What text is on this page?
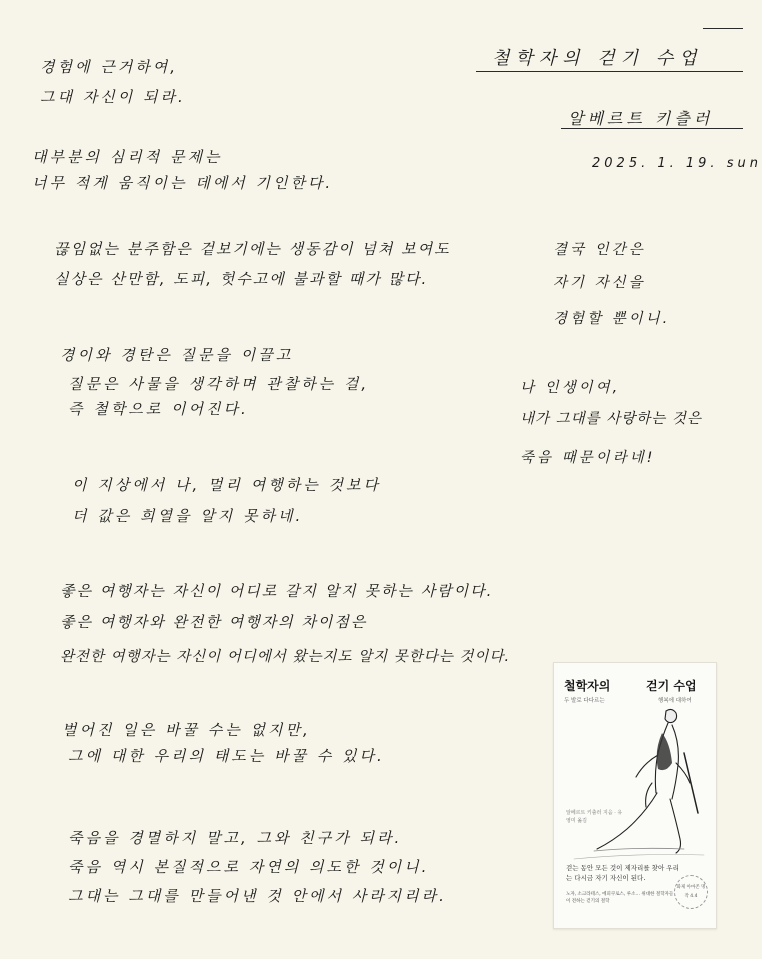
철학자의 걷기 수업
알베르트 키츨러
2025. 1. 19. sun
경험에 근거하여,
그대 자신이 되라.
대부분의 심리적 문제는
너무 적게 움직이는 데에서 기인한다.
끊임없는 분주함은 겉보기에는 생동감이 넘쳐 보여도
실상은 산만함, 도피, 헛수고에 불과할 때가 많다.
경이와 경탄은 질문을 이끌고
질문은 사물을 생각하며 관찰하는 걸,
즉 철학으로 이어진다.
이 지상에서 나, 멀리 여행하는 것보다
더 값은 희열을 알지 못하네.
좋은 여행자는 자신이 어디로 갈지 알지 못하는 사람이다.
좋은 여행자와 완전한 여행자의 차이점은
완전한 여행자는 자신이 어디에서 왔는지도 알지 못한다는 것이다.
벌어진 일은 바꿀 수는 없지만,
그에 대한 우리의 태도는 바꿀 수 있다.
죽음을 경멸하지 말고, 그와 친구가 되라.
죽음 역시 본질적으로 자연의 의도한 것이니.
그대는 그대를 만들어낸 것 안에서 사라지리라.
결국 인간은
자기 자신을
경험할 뿐이니.
나 인생이여,
내가 그대를 사랑하는 것은
죽음 때문이라네!
철학자의	걷기 수업
두 발로 다다르는	행복에 대하여
알베르트 키츨러 지음 · 유영미 옮김
걷는 동안 모든 것이 제자리를 찾아 우리는 다시금 자기 자신이 된다.
노자, 소크라테스, 에피쿠로스, 루소… 위대한 철학자들이 전하는 걷기의 철학
화제 아마존 명작 4.4
